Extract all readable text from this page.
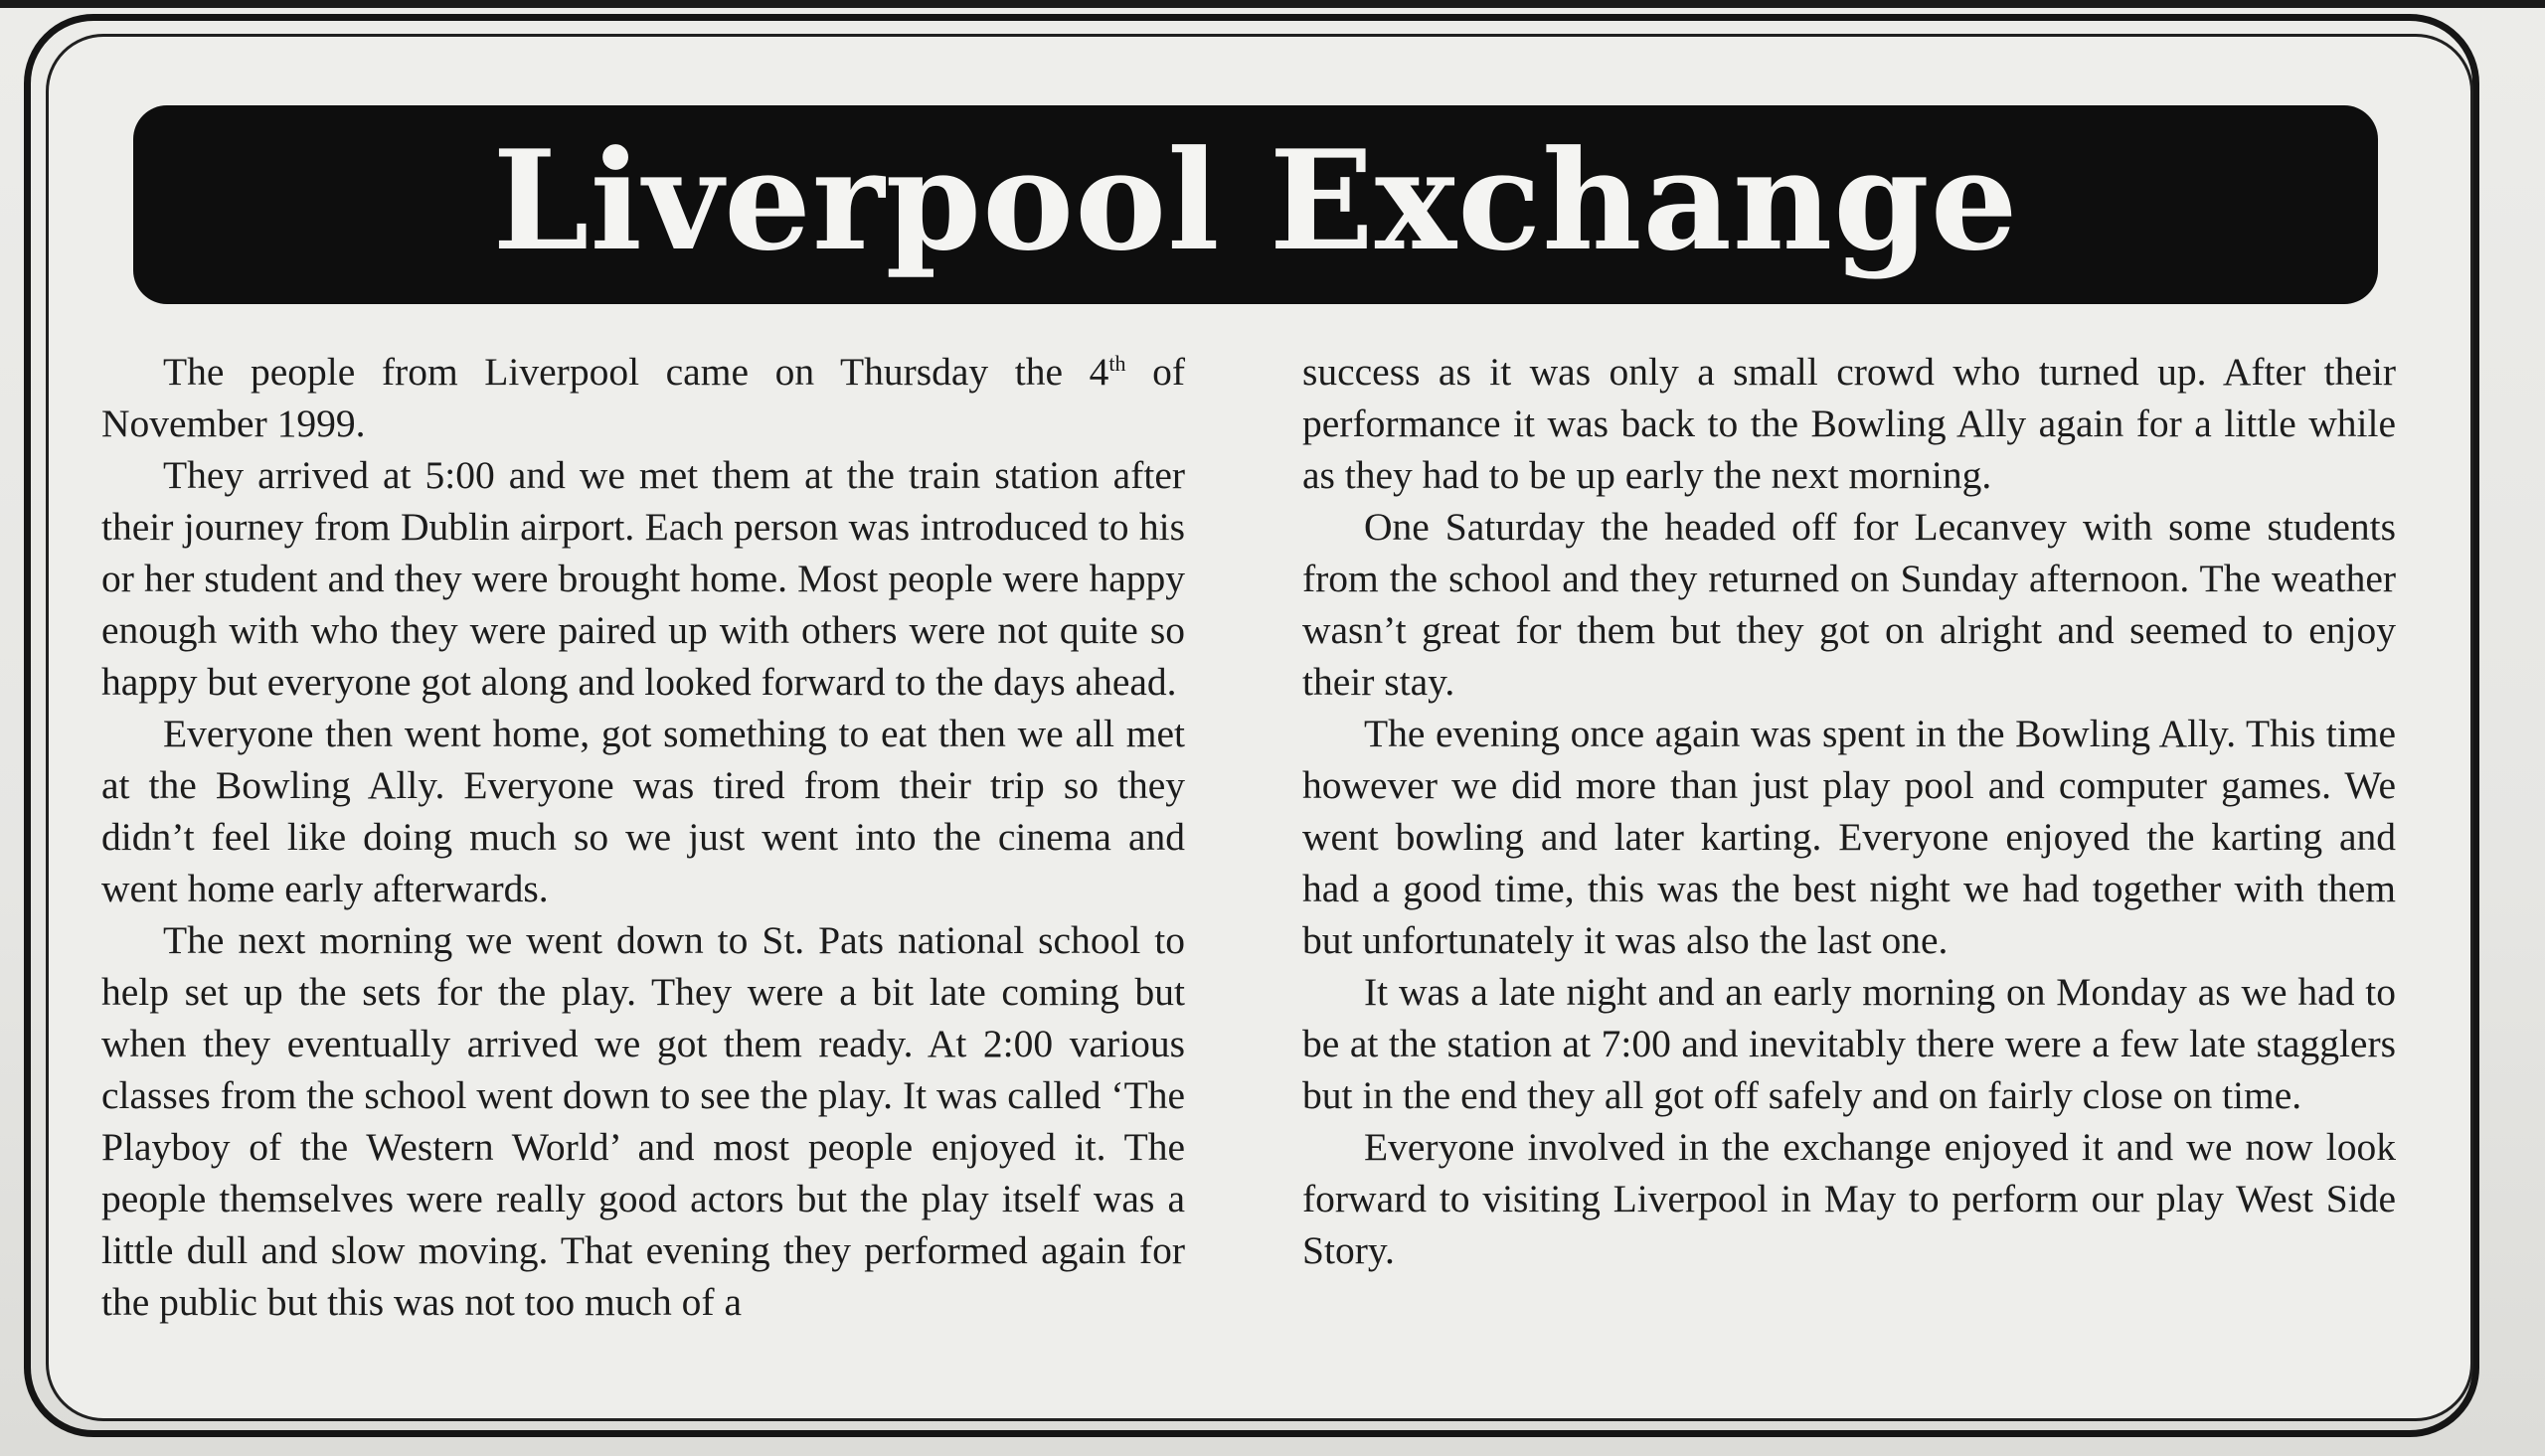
Liverpool Exchange

The people from Liverpool came on Thursday the 4th of November 1999.

They arrived at 5:00 and we met them at the train station after their journey from Dublin airport. Each person was introduced to his or her student and they were brought home. Most people were happy enough with who they were paired up with others were not quite so happy but everyone got along and looked forward to the days ahead.

Everyone then went home, got something to eat then we all met at the Bowling Ally. Everyone was tired from their trip so they didn’t feel like doing much so we just went into the cinema and went home early afterwards.

The next morning we went down to St. Pats national school to help set up the sets for the play. They were a bit late coming but when they eventually arrived we got them ready. At 2:00 various classes from the school went down to see the play. It was called ‘The Playboy of the Western World’ and most people enjoyed it. The people themselves were really good actors but the play itself was a little dull and slow moving. That evening they performed again for the public but this was not too much of a

success as it was only a small crowd who turned up. After their performance it was back to the Bowling Ally again for a little while as they had to be up early the next morning.

One Saturday the headed off for Lecanvey with some students from the school and they returned on Sunday afternoon. The weather wasn’t great for them but they got on alright and seemed to enjoy their stay.

The evening once again was spent in the Bowling Ally. This time however we did more than just play pool and computer games. We went bowling and later karting. Everyone enjoyed the karting and had a good time, this was the best night we had together with them but unfortunately it was also the last one.

It was a late night and an early morning on Monday as we had to be at the station at 7:00 and inevitably there were a few late stagglers but in the end they all got off safely and on fairly close on time.

Everyone involved in the exchange enjoyed it and we now look forward to visiting Liverpool in May to perform our play West Side Story.
